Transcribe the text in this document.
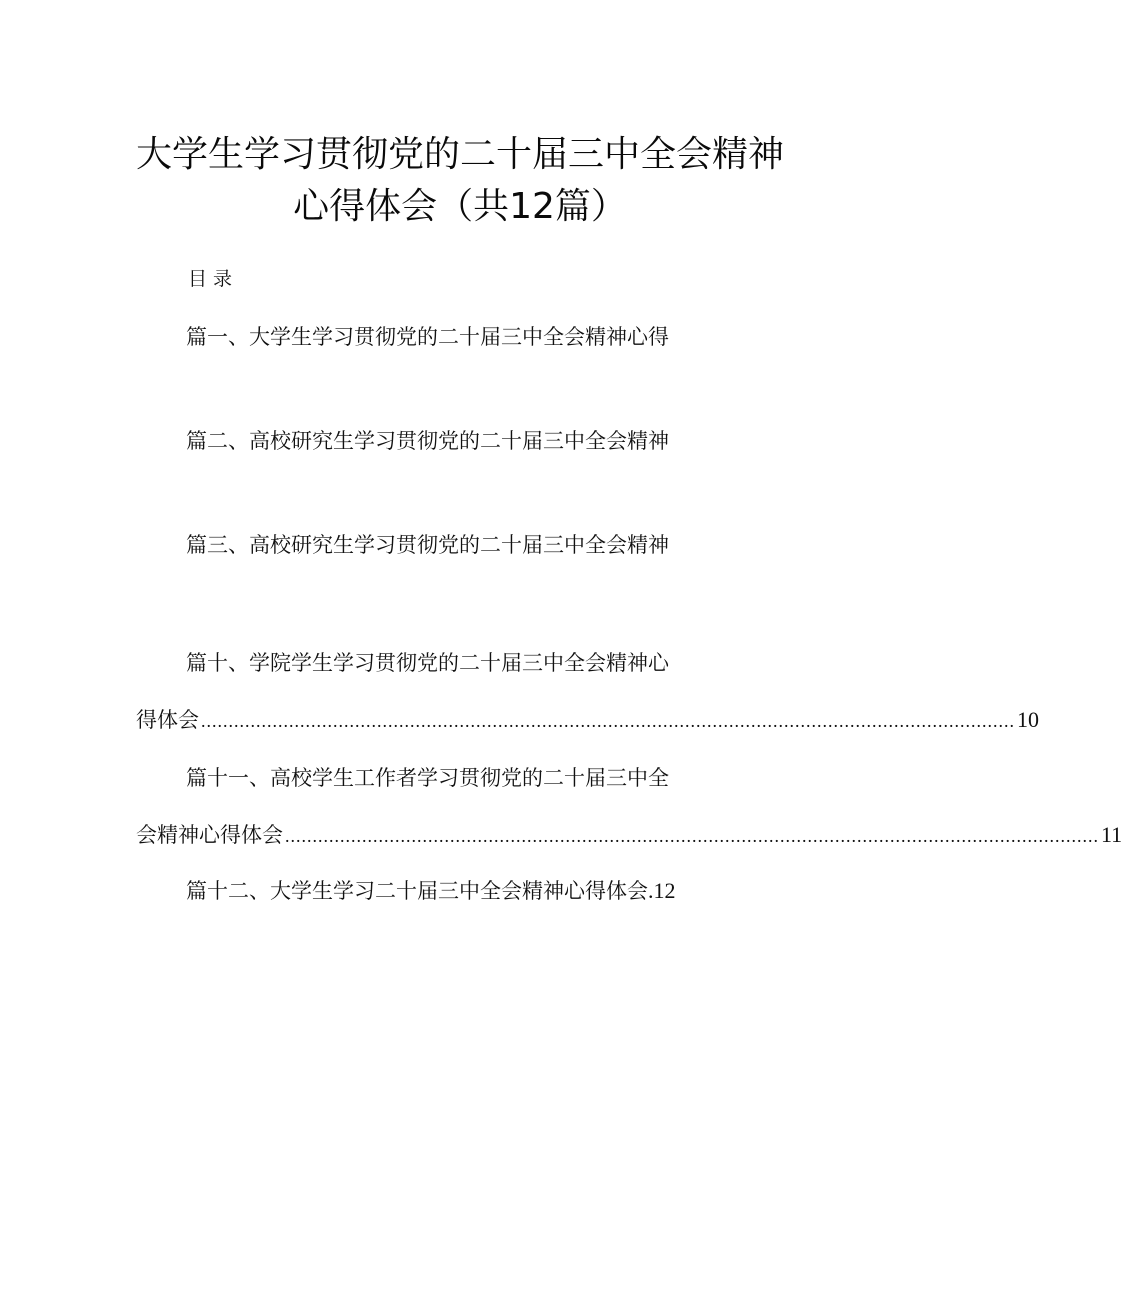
大学生学习贯彻党的二十届三中全会精神
心得体会（共12篇）
目录
篇一、大学生学习贯彻党的二十届三中全会精神心得
篇二、高校研究生学习贯彻党的二十届三中全会精神
篇三、高校研究生学习贯彻党的二十届三中全会精神
篇十、学院学生学习贯彻党的二十届三中全会精神心
得体会 .................................................................................................................................................... 10
篇十一、高校学生工作者学习贯彻党的二十届三中全
会精神心得体会 .................................................................................................................................................... 11
篇十二、大学生学习二十届三中全会精神心得体会.12
